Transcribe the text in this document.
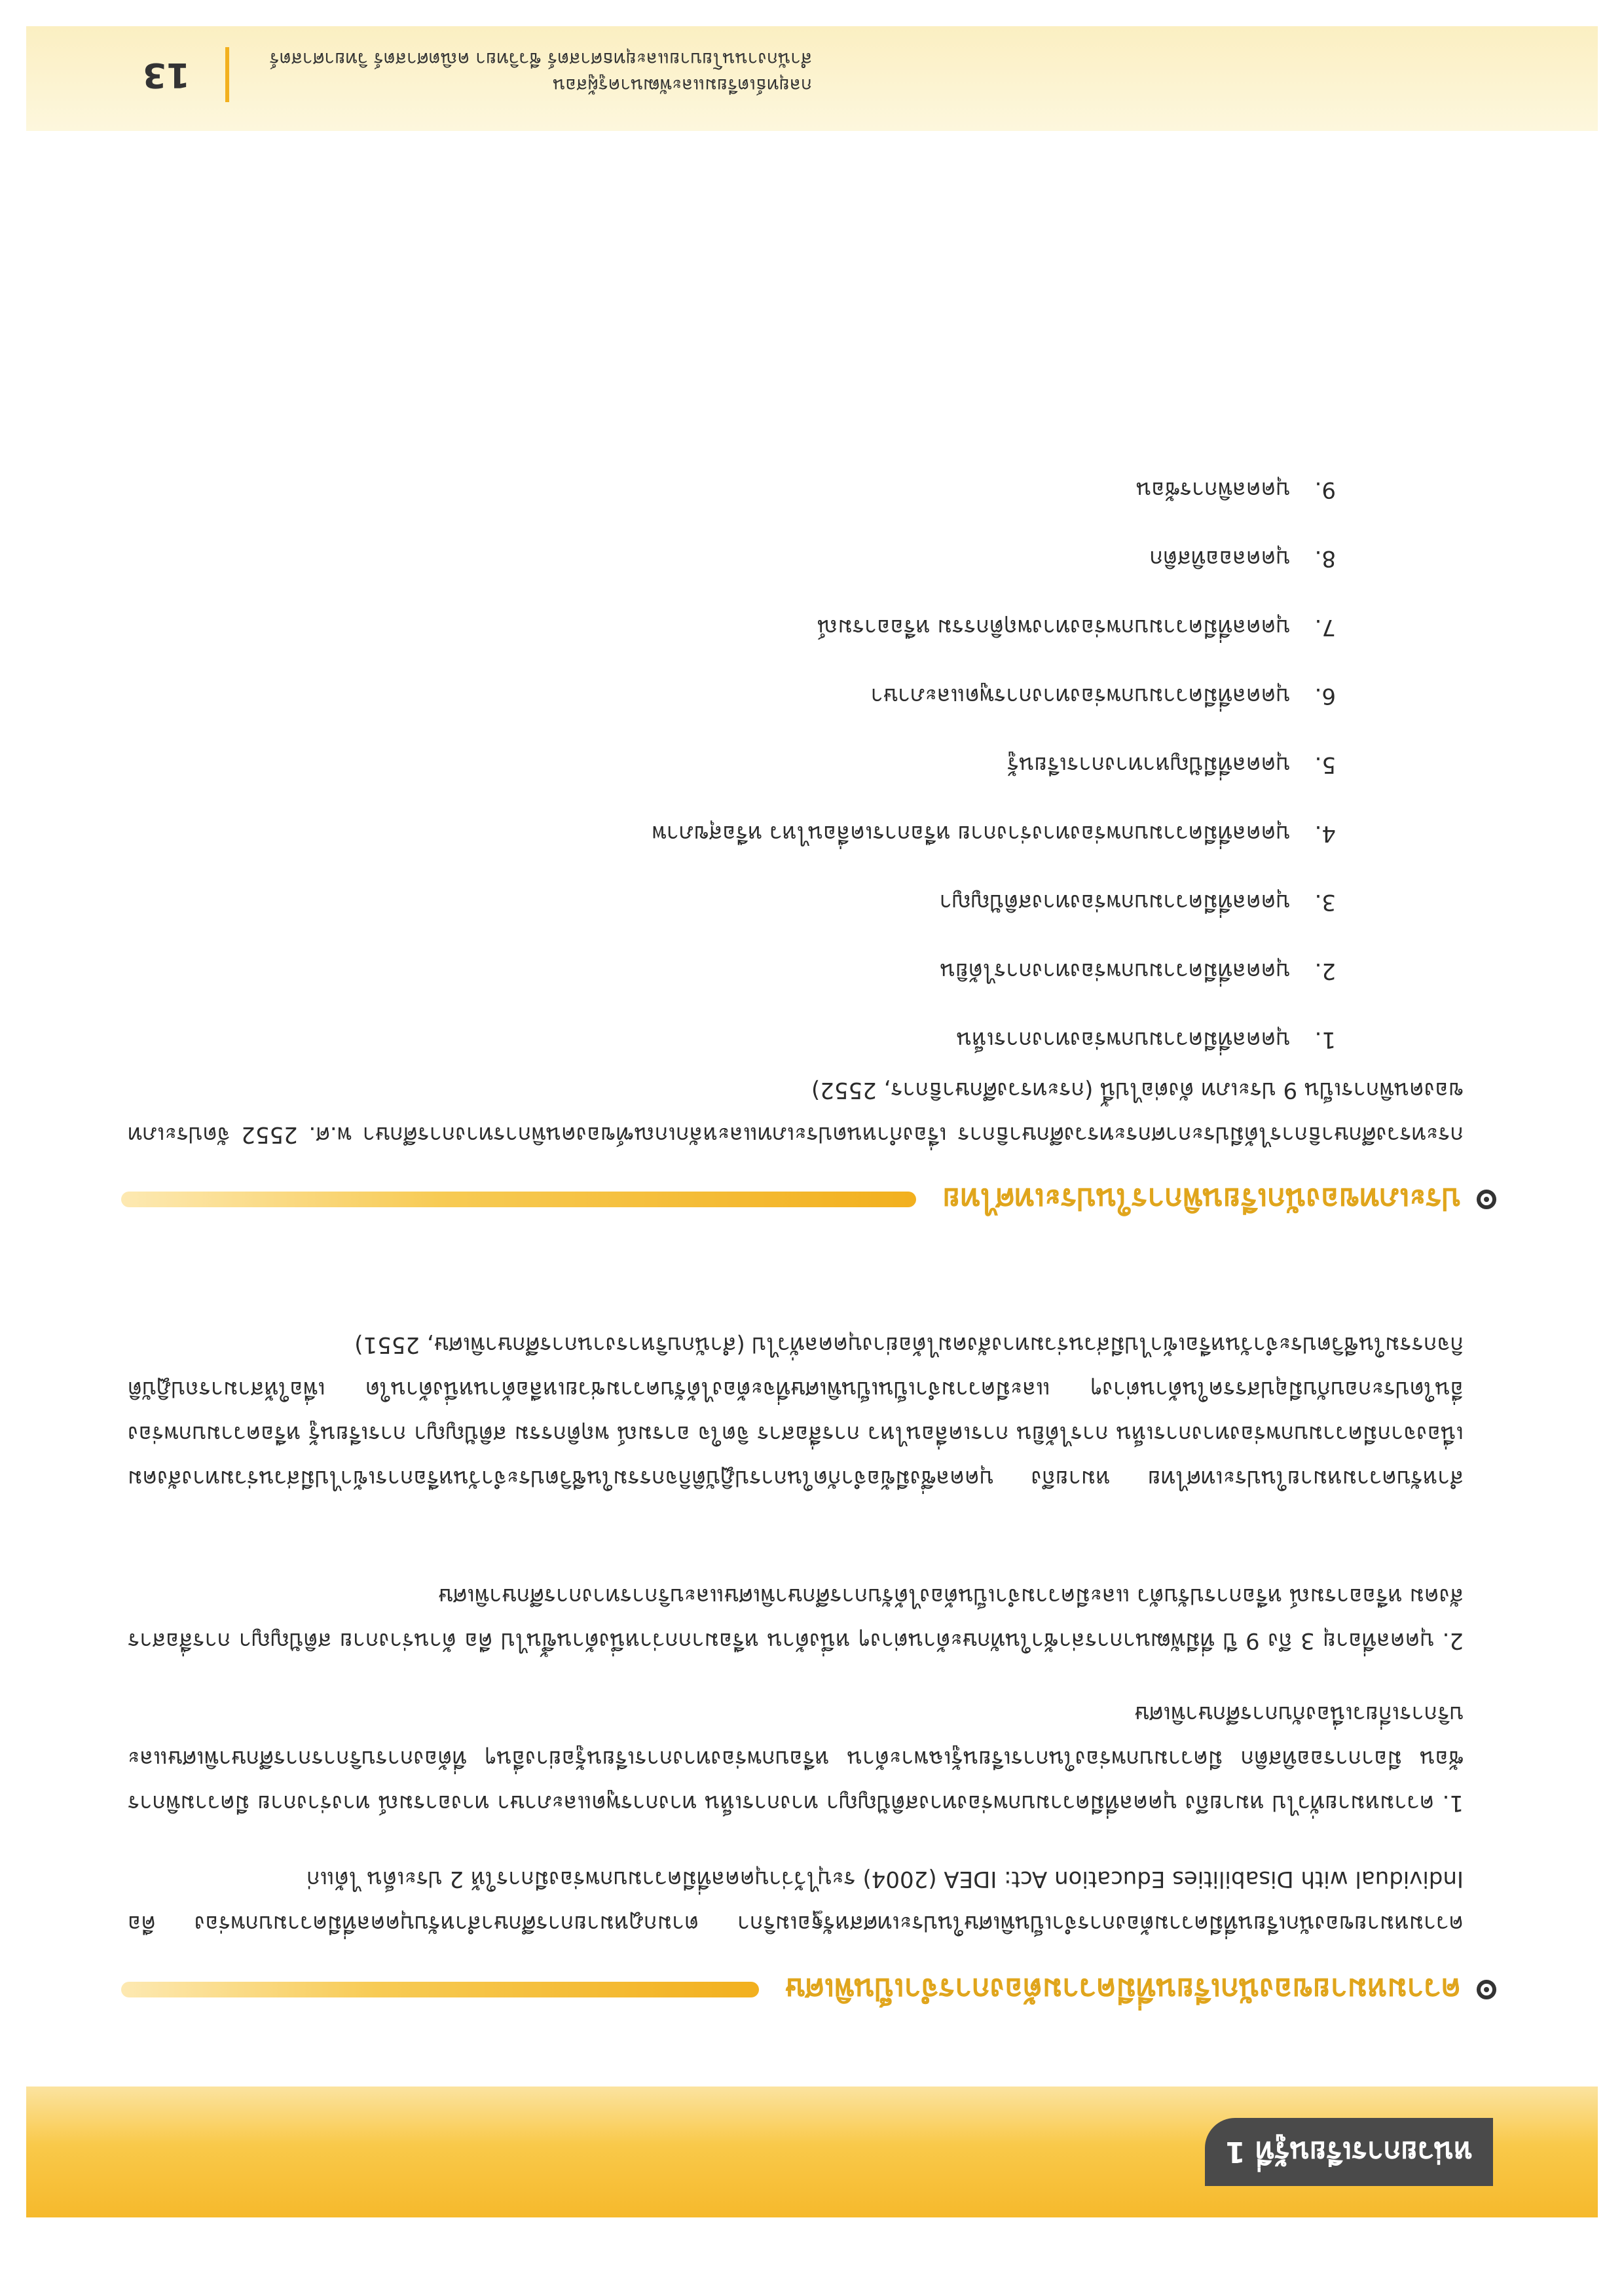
หน่วยการเรียนรู้ที่ 1
ความหมายของนักเรียนที่มีความต้องการจำเป็นพิเศษ

ความหมายของนักเรียนที่มีความต้องการจำเป็นพิเศษในประเทศสหรัฐอเมริกา ตามกฎหมายการศึกษาสำหรับบุคคลที่มีความบกพร่อง คือ Individual with Disabilities Education Act: IDEA (2004) ระบุไว้ว่าบุคคลที่มีความบกพร่องมีการให้ 2 ประเด็น ได้แก่

1. ความหมายทั่วไป หมายถึง บุคคลที่มีความบกพร่องทางสติปัญญา ทางการเห็น ทางการพูดและภาษา ทางอารมณ์ ทางร่างกาย มีความพิการซ้อน มีอาการออทิสติก มีความบกพร่องในการเรียนรู้เฉพาะด้าน หรือบกพร่องทางการเรียนรู้อย่างอื่นๆ ที่ต้องการบริการการศึกษาพิเศษและบริการเกี่ยวเนื่องกับการศึกษาพิเศษ

2. บุคคลที่อายุ 3 ถึง 9 ปี ที่มีพัฒนาการล่าช้าในทักษะด้านต่างๆ หนึ่งด้าน หรือมากกว่าหนึ่งด้านขึ้นไป คือ ด้านร่างกาย สติปัญญา การสื่อสาร สังคม หรืออารมณ์ หรือการปรับตัว และมีความจำเป็นต้องได้รับการศึกษาพิเศษและบริการทางการศึกษาพิเศษ

สำหรับความหมายในประเทศไทย หมายถึง บุคคลซึ่งมีข้อจำกัดในการปฏิบัติกิจกรรมในชีวิตประจำวันหรือการเข้าไปมีส่วนร่วมทางสังคม เนื่องจากมีความบกพร่องทางการเห็น การได้ยิน การเคลื่อนไหว การสื่อสาร จิตใจ อารมณ์ พฤติกรรม สติปัญญา การเรียนรู้ หรือความบกพร่องอื่นใดประกอบกับมีอุปสรรคในด้านต่างๆ และมีความจำเป็นเป็นพิเศษที่จะต้องได้รับความช่วยเหลือด้านหนึ่งด้านใด เพื่อให้สามารถปฏิบัติกิจกรรมในชีวิตประจำวันหรือเข้าไปมีส่วนร่วมทางสังคมได้อย่างบุคคลทั่วไป (สำนักบริหารงานการศึกษาพิเศษ, 2551)

ประเภทของนักเรียนพิการในประเทศไทย

กระทรวงศึกษาธิการได้มีประกาศกระทรวงศึกษาธิการ เรื่องกำหนดประเภทและหลักเกณฑ์ของคนพิการทางการศึกษา พ.ศ. 2552 จัดประเภทของคนพิการเป็น 9 ประเภท ดังต่อไปนี้ (กระทรวงศึกษาธิการ, 2552)

1.บุคคลที่มีความบกพร่องทางการเห็น

2.บุคคลที่มีความบกพร่องทางการได้ยิน

3.บุคคลที่มีความบกพร่องทางสติปัญญา

4.บุคคลที่มีความบกพร่องทางร่างกาย หรือการเคลื่อนไหว หรือสุขภาพ

5.บุคคลที่มีปัญหาทางการเรียนรู้

6.บุคคลที่มีความบกพร่องทางการพูดและภาษา

7.บุคคลที่มีความบกพร่องทางพฤติกรรม หรืออารมณ์

8.บุคคลออทิสติก

9.บุคคลพิการซ้อน

กลยุทธ์เตรียมและพัฒนาครูผู้สอน
สำนักงานนโยบายและยุทธศาสตร์ ชีววิทยา คณิตศาสตร์ วิทยาศาสตร์
13
